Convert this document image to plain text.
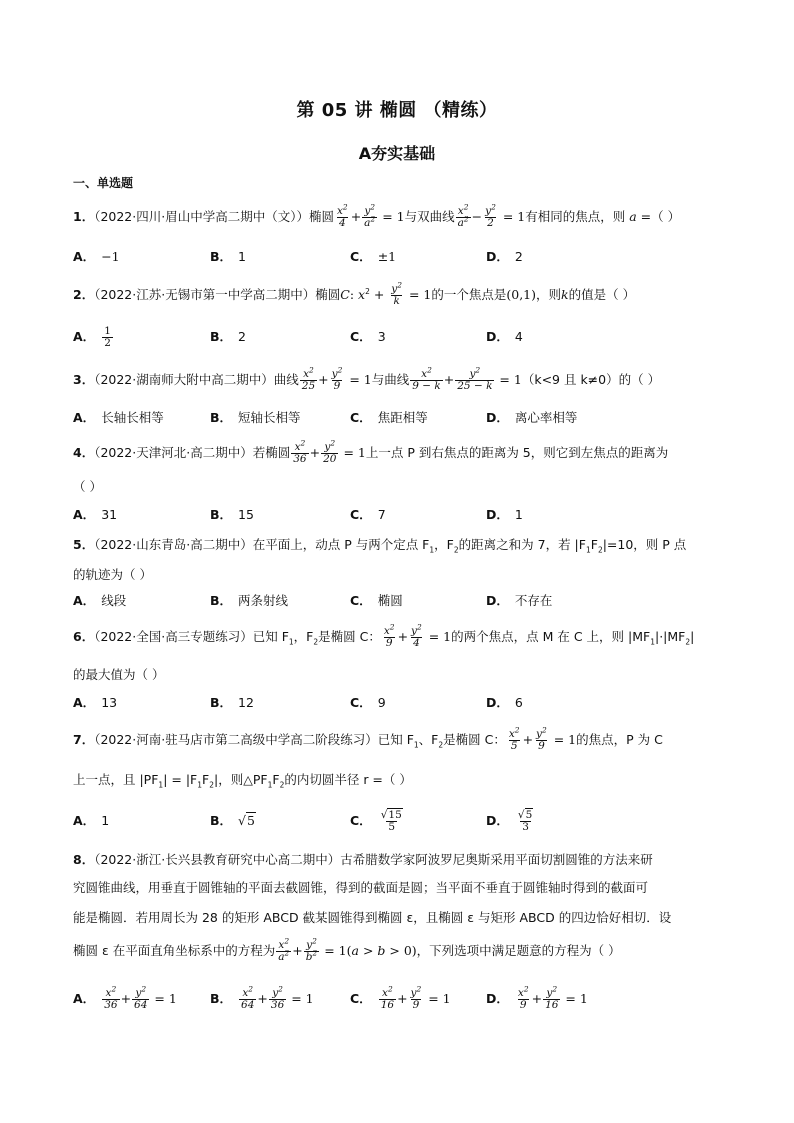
第 05 讲 椭圆 （精练）
A夯实基础
一、单选题
1．（2022·四川·眉山中学高二期中（文））椭圆 $\frac{x^2}{4} + \frac{y^2}{a^2} = 1$与双曲线 $\frac{x^2}{a^2} - \frac{y^2}{2} = 1$有相同的焦点，则 a =（ ）
A． −1	B． 1	C． ±1	D． 2
2．（2022·江苏·无锡市第一中学高二期中）椭圆C: $x^2 + \frac{y^2}{k} = 1$的一个焦点是(0,1)，则k的值是（ ）
A． $\frac{1}{2}$	B． 2	C． 3	D． 4
3．（2022·湖南师大附中高二期中）曲线 $\frac{x^2}{25} + \frac{y^2}{9} = 1$与曲线 $\frac{x^2}{9 - k} + \frac{y^2}{25 - k} = 1(k<9$ 且 k≠0）的（ ）
A． 长轴长相等	B． 短轴长相等	C． 焦距相等	D． 离心率相等
4．（2022·天津河北·高二期中）若椭圆 $\frac{x^2}{36} + \frac{y^2}{20} = 1$上一点 P 到右焦点的距离为 5，则它到左焦点的距离为
（ ）
A． 31	B． 15	C． 7	D． 1
5．（2022·山东青岛·高二期中）在平面上，动点 P 与两个定点 $F_1$，$F_2$的距离之和为 7，若 $|F_1F_2|=10$，则 P 点
的轨迹为（ ）
A． 线段	B． 两条射线	C． 椭圆	D． 不存在
6．（2022·全国·高三专题练习）已知 $F_1$，$F_2$是椭圆 C： $\frac{x^2}{9} + \frac{y^2}{4} = 1$的两个焦点，点 M 在 C 上，则 $|MF_1|\cdot|MF_2|$
的最大值为（ ）
A． 13	B． 12	C． 9	D． 6
7．（2022·河南·驻马店市第二高级中学高二阶段练习）已知 $F_1$、$F_2$是椭圆 C： $\frac{x^2}{5} + \frac{y^2}{9} = 1$的焦点，P 为 C
上一点，且 $|PF_1| = |F_1F_2|$，则$\triangle PF_1F_2$的内切圆半径 r =（ ）
A． 1	B． √5	C． $\frac{√15}{5}$	D． $\frac{√5}{3}$
8．（2022·浙江·长兴县教育研究中心高二期中）古希腊数学家阿波罗尼奥斯采用平面切割圆锥的方法来研
究圆锥曲线，用垂直于圆锥轴的平面去截圆锥，得到的截面是圆；当平面不垂直于圆锥轴时得到的截面可
能是椭圆．若用周长为 28 的矩形 ABCD 截某圆锥得到椭圆 ε，且椭圆 ε 与矩形 ABCD 的四边恰好相切．设
椭圆 ε 在平面直角坐标系中的方程为 $\frac{x^2}{a^2} + \frac{y^2}{b^2} = 1(a > b > 0)$，下列选项中满足题意的方程为（ ）
A． $\frac{x^2}{36} + \frac{y^2}{64} = 1$	B． $\frac{x^2}{64} + \frac{y^2}{36} = 1$	C． $\frac{x^2}{16} + \frac{y^2}{9} = 1$	D． $\frac{x^2}{9} + \frac{y^2}{16} = 1$
